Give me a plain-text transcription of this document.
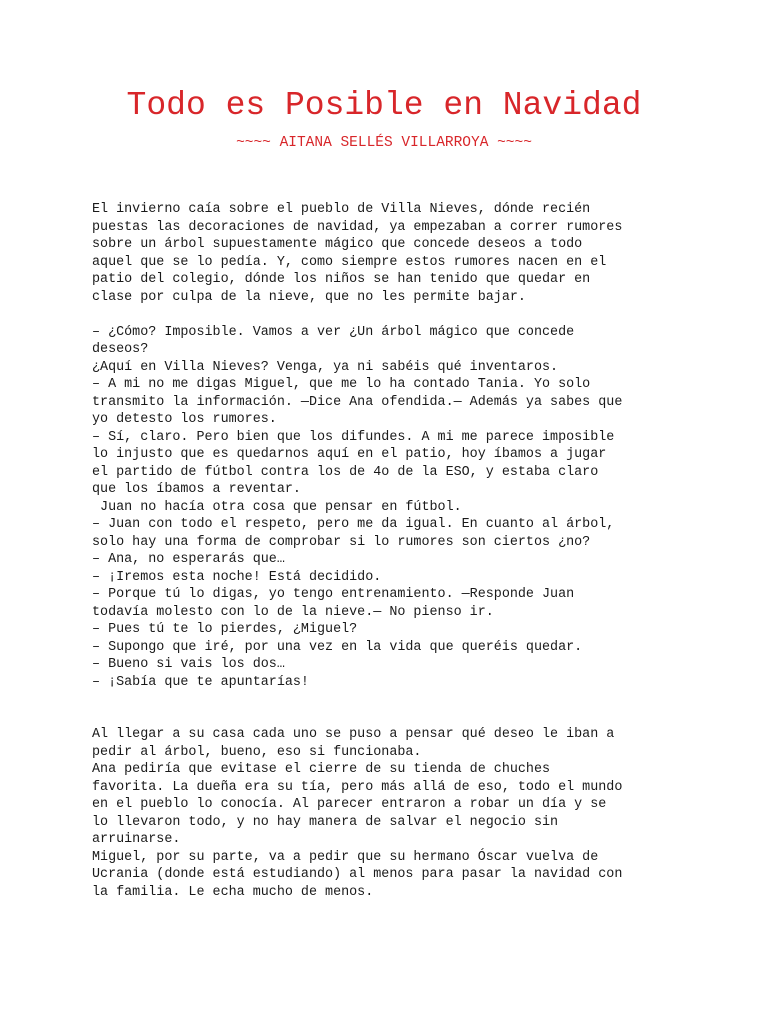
Todo es Posible en Navidad
~~~~ AITANA SELLÉS VILLARROYA ~~~~
El invierno caía sobre el pueblo de Villa Nieves, dónde recién
puestas las decoraciones de navidad, ya empezaban a correr rumores
sobre un árbol supuestamente mágico que concede deseos a todo
aquel que se lo pedía. Y, como siempre estos rumores nacen en el
patio del colegio, dónde los niños se han tenido que quedar en
clase por culpa de la nieve, que no les permite bajar.
– ¿Cómo? Imposible. Vamos a ver ¿Un árbol mágico que concede
deseos?
¿Aquí en Villa Nieves? Venga, ya ni sabéis qué inventaros.
– A mi no me digas Miguel, que me lo ha contado Tania. Yo solo
transmito la información. —Dice Ana ofendida.— Además ya sabes que
yo detesto los rumores.
– Sí, claro. Pero bien que los difundes. A mi me parece imposible
lo injusto que es quedarnos aquí en el patio, hoy íbamos a jugar
el partido de fútbol contra los de 4o de la ESO, y estaba claro
que los íbamos a reventar.
Juan no hacía otra cosa que pensar en fútbol.
– Juan con todo el respeto, pero me da igual. En cuanto al árbol,
solo hay una forma de comprobar si lo rumores son ciertos ¿no?
– Ana, no esperarás que…
– ¡Iremos esta noche! Está decidido.
– Porque tú lo digas, yo tengo entrenamiento. —Responde Juan
todavía molesto con lo de la nieve.— No pienso ir.
– Pues tú te lo pierdes, ¿Miguel?
– Supongo que iré, por una vez en la vida que queréis quedar.
– Bueno si vais los dos…
– ¡Sabía que te apuntarías!
Al llegar a su casa cada uno se puso a pensar qué deseo le iban a
pedir al árbol, bueno, eso si funcionaba.
Ana pediría que evitase el cierre de su tienda de chuches
favorita. La dueña era su tía, pero más allá de eso, todo el mundo
en el pueblo lo conocía. Al parecer entraron a robar un día y se
lo llevaron todo, y no hay manera de salvar el negocio sin
arruinarse.
Miguel, por su parte, va a pedir que su hermano Óscar vuelva de
Ucrania (donde está estudiando) al menos para pasar la navidad con
la familia. Le echa mucho de menos.
